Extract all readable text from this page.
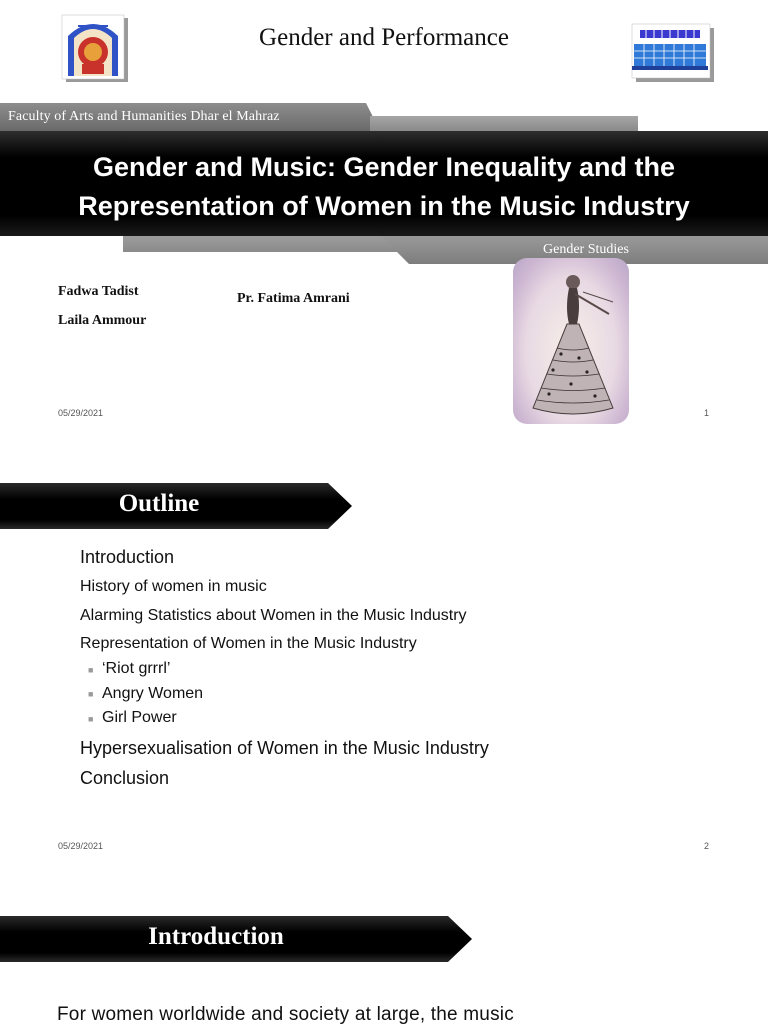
Gender and Performance
Faculty of Arts and Humanities Dhar el Mahraz
Gender and Music: Gender Inequality and the
Representation of Women in the Music Industry
Gender Studies
Fadwa Tadist
Laila Ammour
Pr. Fatima Amrani
05/29/2021	1
Outline
Introduction
History of women in music
Alarming Statistics about Women in the Music Industry
Representation of Women in the Music Industry
■ ‘Riot grrrl’
■ Angry Women
■ Girl Power
Hypersexualisation of Women in the Music Industry
Conclusion
05/29/2021	2
Introduction
For women worldwide and society at large, the music
